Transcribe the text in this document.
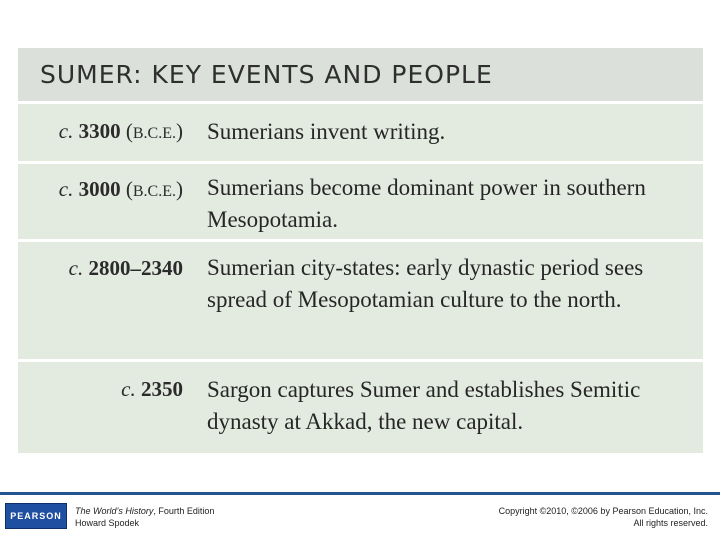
SUMER: KEY EVENTS AND PEOPLE
c. 3300 (B.C.E.) Sumerians invent writing.
c. 3000 (B.C.E.) Sumerians become dominant power in southern Mesopotamia.
c. 2800–2340 Sumerian city-states: early dynastic period sees spread of Mesopotamian culture to the north.
c. 2350 Sargon captures Sumer and establishes Semitic dynasty at Akkad, the new capital.
PEARSON	The World’s History, Fourth Edition
Howard Spodek
Copyright ©2010, ©2006 by Pearson Education, Inc.
All rights reserved.
